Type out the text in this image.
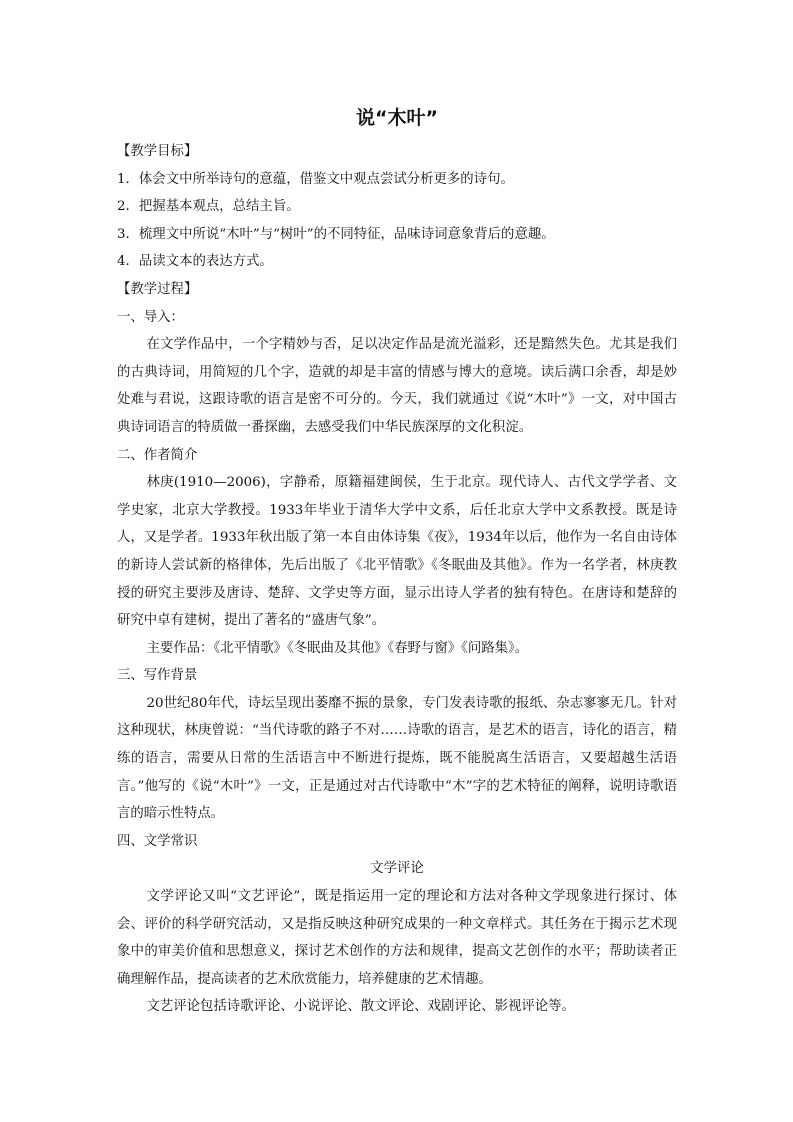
说“木叶”

【教学目标】

1．体会文中所举诗句的意蕴，借鉴文中观点尝试分析更多的诗句。

2．把握基本观点，总结主旨。

3．梳理文中所说“木叶”与“树叶”的不同特征，品味诗词意象背后的意趣。

4．品读文本的表达方式。

【教学过程】

一、导入：

在文学作品中，一个字精妙与否，足以决定作品是流光溢彩，还是黯然失色。尤其是我们的古典诗词，用简短的几个字，造就的却是丰富的情感与博大的意境。读后满口余香，却是妙处难与君说，这跟诗歌的语言是密不可分的。今天，我们就通过《说“木叶”》一文，对中国古典诗词语言的特质做一番探幽，去感受我们中华民族深厚的文化积淀。

二、作者简介

林庚(1910—2006)，字静希，原籍福建闽侯，生于北京。现代诗人、古代文学学者、文学史家，北京大学教授。1933年毕业于清华大学中文系，后任北京大学中文系教授。既是诗人，又是学者。1933年秋出版了第一本自由体诗集《夜》，1934年以后，他作为一名自由诗体的新诗人尝试新的格律体，先后出版了《北平情歌》《冬眠曲及其他》。作为一名学者，林庚教授的研究主要涉及唐诗、楚辞、文学史等方面，显示出诗人学者的独有特色。在唐诗和楚辞的研究中卓有建树，提出了著名的“盛唐气象”。

主要作品：《北平情歌》《冬眠曲及其他》《春野与窗》《问路集》。

三、写作背景

20世纪80年代，诗坛呈现出萎靡不振的景象，专门发表诗歌的报纸、杂志寥寥无几。针对这种现状，林庚曾说：“当代诗歌的路子不对……诗歌的语言，是艺术的语言，诗化的语言，精练的语言，需要从日常的生活语言中不断进行提炼，既不能脱离生活语言，又要超越生活语言。”他写的《说“木叶”》一文，正是通过对古代诗歌中“木”字的艺术特征的阐释，说明诗歌语言的暗示性特点。

四、文学常识

文学评论

文学评论又叫“文艺评论”，既是指运用一定的理论和方法对各种文学现象进行探讨、体会、评价的科学研究活动，又是指反映这种研究成果的一种文章样式。其任务在于揭示艺术现象中的审美价值和思想意义，探讨艺术创作的方法和规律，提高文艺创作的水平；帮助读者正确理解作品，提高读者的艺术欣赏能力，培养健康的艺术情趣。

文艺评论包括诗歌评论、小说评论、散文评论、戏剧评论、影视评论等。
